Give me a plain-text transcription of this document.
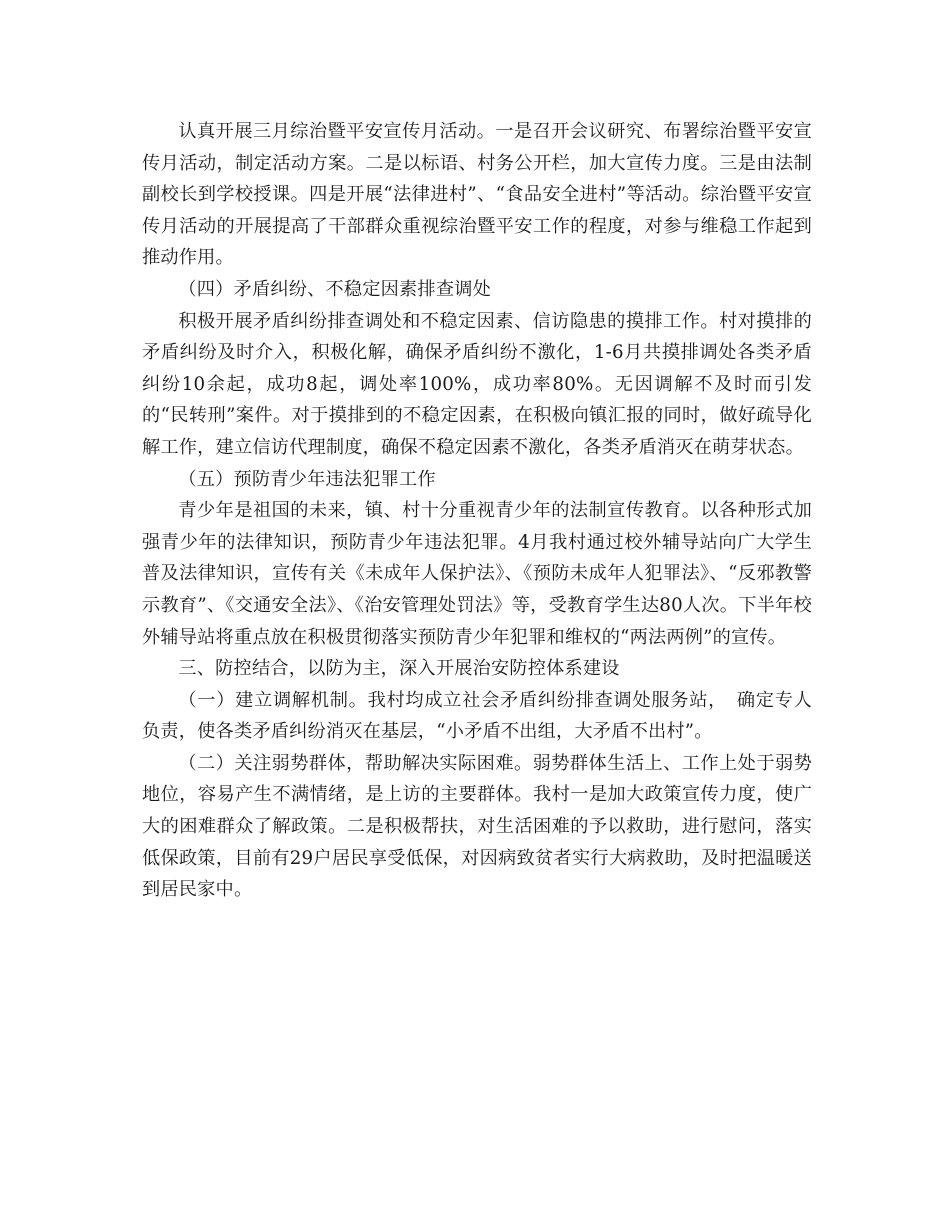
认真开展三月综治暨平安宣传月活动。一是召开会议研究、布署综治暨平安宣传月活动，制定活动方案。二是以标语、村务公开栏，加大宣传力度。三是由法制副校长到学校授课。四是开展“法律进村”、“食品安全进村”等活动。综治暨平安宣传月活动的开展提高了干部群众重视综治暨平安工作的程度，对参与维稳工作起到推动作用。

（四）矛盾纠纷、不稳定因素排查调处

积极开展矛盾纠纷排查调处和不稳定因素、信访隐患的摸排工作。村对摸排的矛盾纠纷及时介入，积极化解，确保矛盾纠纷不激化，1-6月共摸排调处各类矛盾纠纷10余起，成功8起，调处率100%，成功率80%。无因调解不及时而引发的“民转刑”案件。对于摸排到的不稳定因素，在积极向镇汇报的同时，做好疏导化解工作，建立信访代理制度，确保不稳定因素不激化，各类矛盾消灭在萌芽状态。

（五）预防青少年违法犯罪工作

青少年是祖国的未来，镇、村十分重视青少年的法制宣传教育。以各种形式加强青少年的法律知识，预防青少年违法犯罪。4月我村通过校外辅导站向广大学生普及法律知识，宣传有关《未成年人保护法》、《预防未成年人犯罪法》、“反邪教警示教育”、《交通安全法》、《治安管理处罚法》等，受教育学生达80人次。下半年校外辅导站将重点放在积极贯彻落实预防青少年犯罪和维权的“两法两例”的宣传。

三、防控结合，以防为主，深入开展治安防控体系建设

（一）建立调解机制。我村均成立社会矛盾纠纷排查调处服务站，　确定专人负责，使各类矛盾纠纷消灭在基层，“小矛盾不出组，大矛盾不出村”。

（二）关注弱势群体，帮助解决实际困难。弱势群体生活上、工作上处于弱势地位，容易产生不满情绪，是上访的主要群体。我村一是加大政策宣传力度，使广大的困难群众了解政策。二是积极帮扶，对生活困难的予以救助，进行慰问，落实低保政策，目前有29户居民享受低保，对因病致贫者实行大病救助，及时把温暖送到居民家中。
